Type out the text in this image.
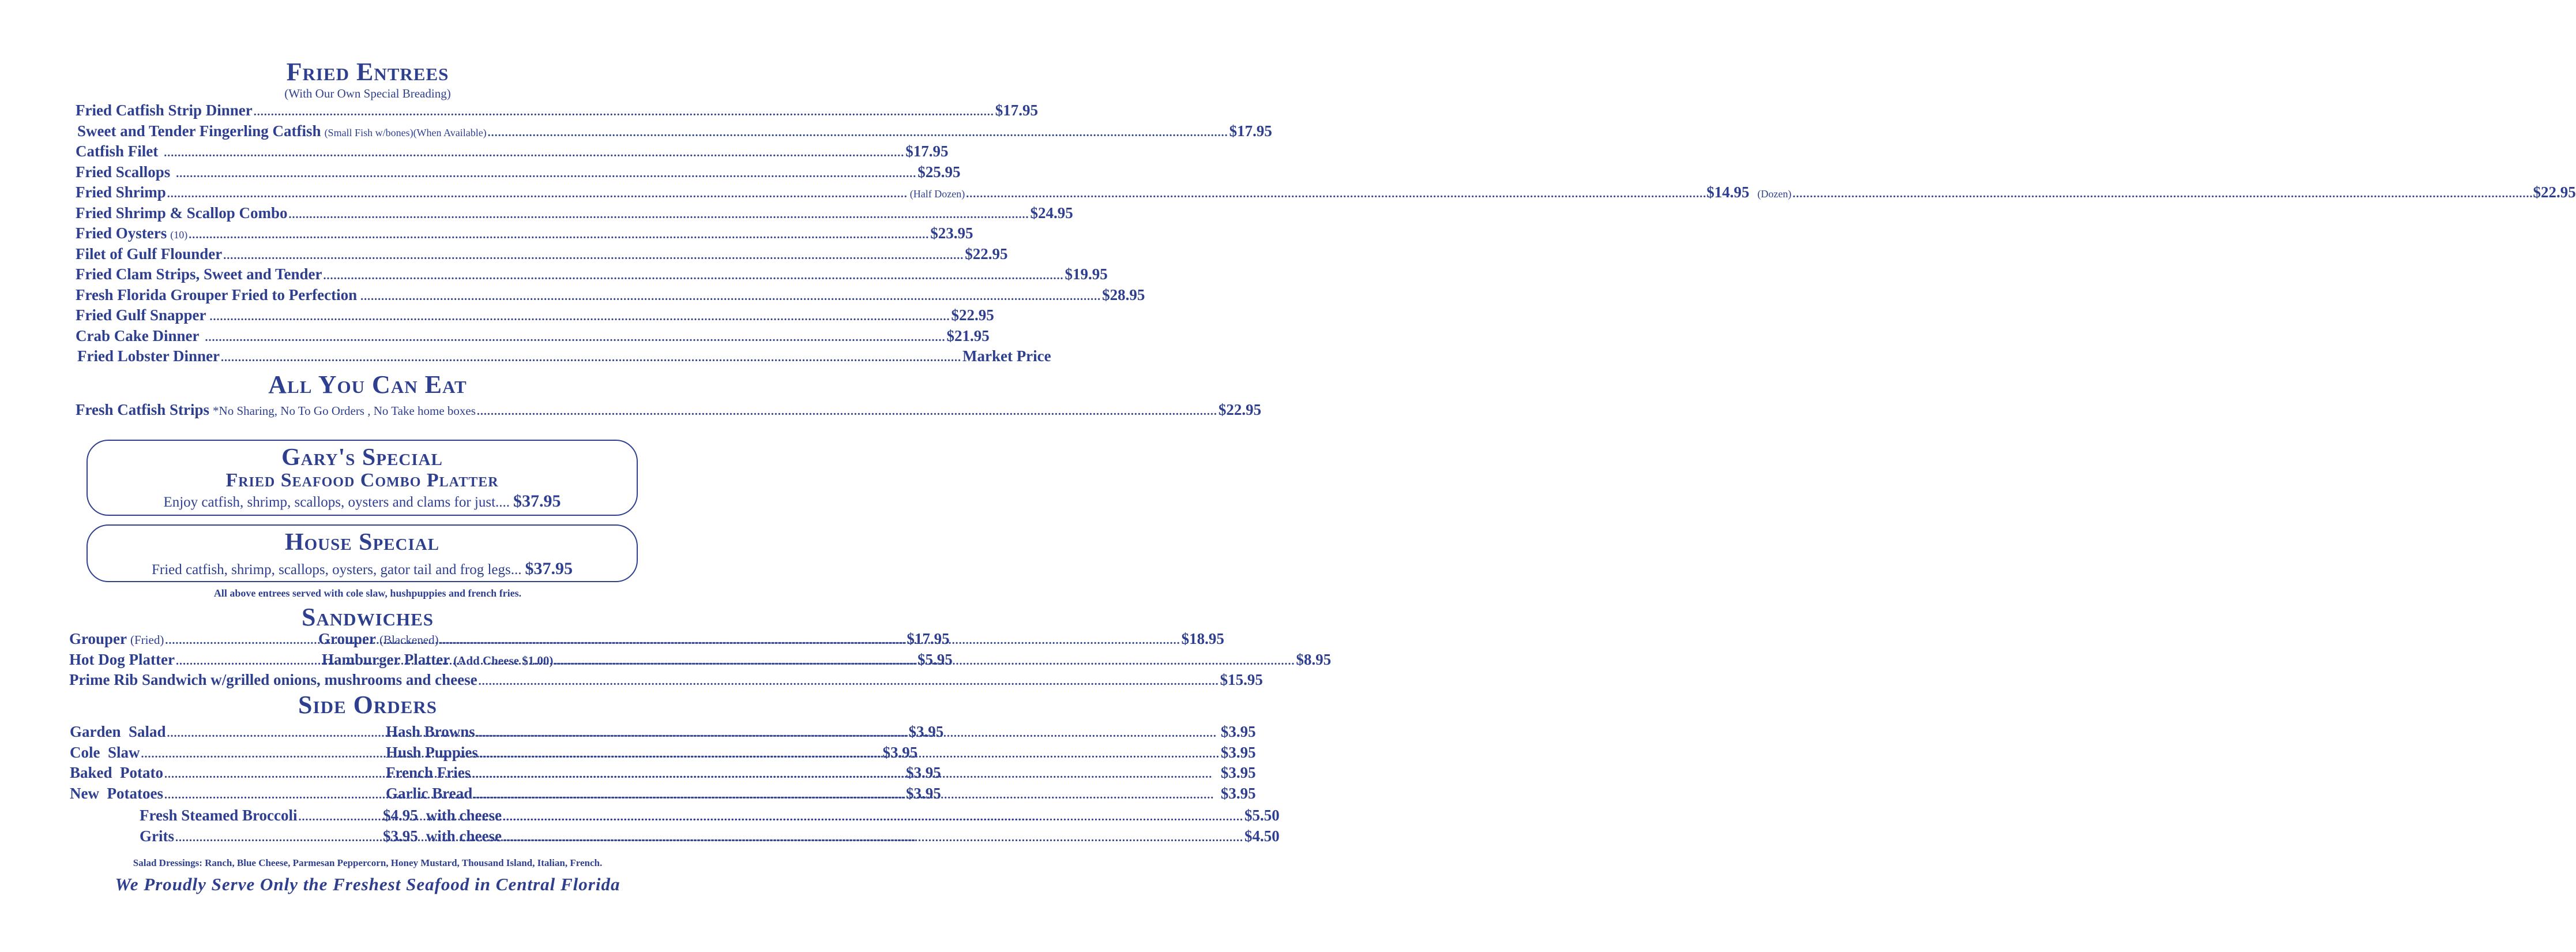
Fried Entrees
(With Our Own Special Breading)
Fried Catfish Strip Dinner .....	$17.95
Sweet and Tender Fingerling Catfish (Small Fish w/bones)(When Available) .....	$17.95
Catfish Filet .....	$17.95
Fried Scallops .....	$25.95
Fried Shrimp .....	(Half Dozen) .....	$14.95 (Dozen) .....	$22.95
Fried Shrimp & Scallop Combo .....	$24.95
Fried Oysters (10) .....	$23.95
Filet of Gulf Flounder .....	$22.95
Fried Clam Strips, Sweet and Tender .....	$19.95
Fresh Florida Grouper Fried to Perfection .....	$28.95
Fried Gulf Snapper .....	$22.95
Crab Cake Dinner .....	$21.95
Fried Lobster Dinner .....	Market Price
All You Can Eat
Fresh Catfish Strips *No Sharing, No To Go Orders , No Take home boxes .....	$22.95
Gary's Special
Fried Seafood Combo Platter
Enjoy catfish, shrimp, scallops, oysters and clams for just.... $37.95
House Special
Fried catfish, shrimp, scallops, oysters, gator tail and frog legs... $37.95
All above entrees served with cole slaw, hushpuppies and french fries.
Sandwiches
Grouper (Fried) .....	$17.95
Grouper (Blackened) .....	$18.95
Hot Dog Platter .....	$5.95
Hamburger Platter (Add Cheese $1.00) .....	$8.95
Prime Rib Sandwich w/grilled onions, mushrooms and cheese .....	$15.95
Side Orders
Garden  Salad .....	$3.95
Cole  Slaw .....	$3.95
Baked  Potato .....	$3.95
New  Potatoes .....	$3.95
Hash Browns .....	$3.95
Hush Puppies .....	$3.95
French Fries .....	$3.95
Garlic Bread .....	$3.95
Fresh Steamed Broccoli .....	$4.95 with cheese .....	$5.50
Grits .....	$3.95 with cheese .....	$4.50
Salad Dressings: Ranch, Blue Cheese, Parmesan Peppercorn, Honey Mustard, Thousand Island, Italian, French.
We Proudly Serve Only the Freshest Seafood in Central Florida
